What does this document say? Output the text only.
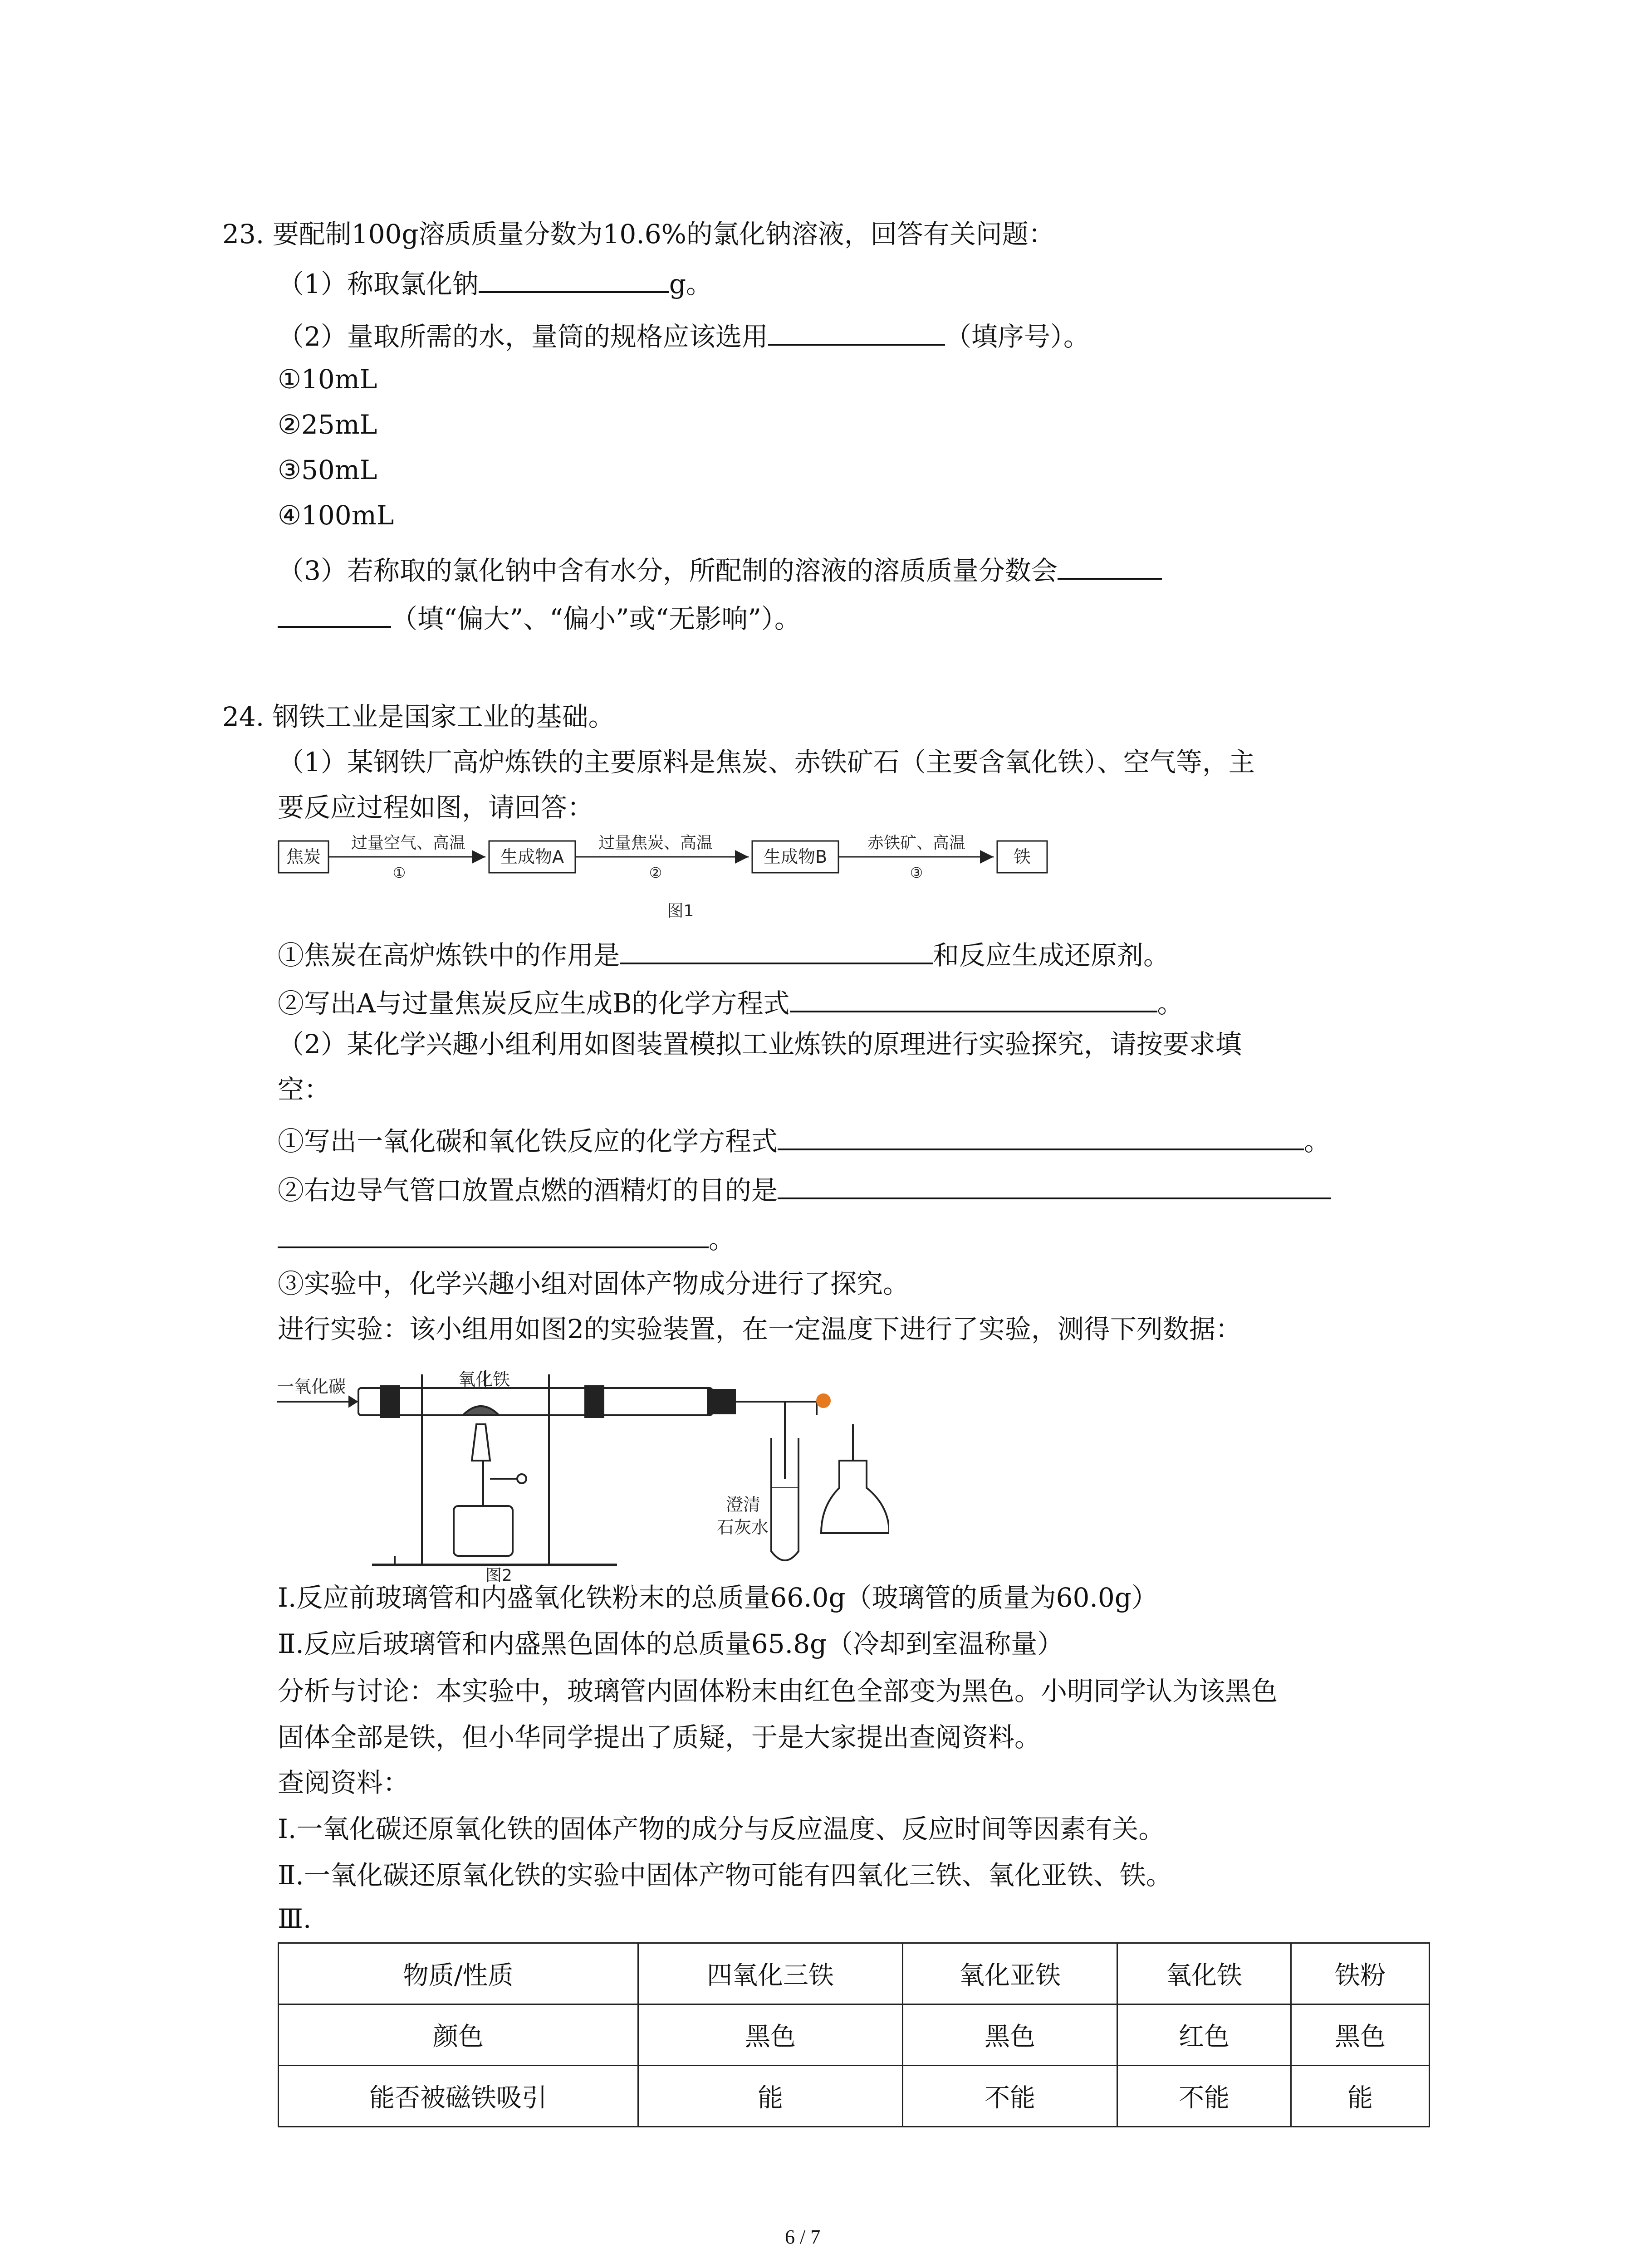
23. 要配制100g溶质质量分数为10.6%的氯化钠溶液，回答有关问题：
（1）称取氯化钠	g。
（2）量取所需的水，量筒的规格应该选用	（填序号）。
①10mL
②25mL
③50mL
④100mL
（3）若称取的氯化钠中含有水分，所配制的溶液的溶质质量分数会
（填“偏大”、“偏小”或“无影响”）。
24. 钢铁工业是国家工业的基础。
（1）某钢铁厂高炉炼铁的主要原料是焦炭、赤铁矿石（主要含氧化铁）、空气等，主
要反应过程如图，请回答：
焦炭
过量空气、高温
①
生成物A
过量焦炭、高温
②
生成物B
赤铁矿、高温
③
铁
图1
①焦炭在高炉炼铁中的作用是	和反应生成还原剂。
②写出A与过量焦炭反应生成B的化学方程式	。
（2）某化学兴趣小组利用如图装置模拟工业炼铁的原理进行实验探究，请按要求填
空：
①写出一氧化碳和氧化铁反应的化学方程式	。
②右边导气管口放置点燃的酒精灯的目的是
。
③实验中，化学兴趣小组对固体产物成分进行了探究。
进行实验：该小组用如图2的实验装置，在一定温度下进行了实验，测得下列数据：
一氧化碳	氧化铁
澄清
石灰水
图2
Ⅰ.反应前玻璃管和内盛氧化铁粉末的总质量66.0g（玻璃管的质量为60.0g）
Ⅱ.反应后玻璃管和内盛黑色固体的总质量65.8g（冷却到室温称量）
分析与讨论：本实验中，玻璃管内固体粉末由红色全部变为黑色。小明同学认为该黑色
固体全部是铁，但小华同学提出了质疑，于是大家提出查阅资料。
查阅资料：
Ⅰ.一氧化碳还原氧化铁的固体产物的成分与反应温度、反应时间等因素有关。
Ⅱ.一氧化碳还原氧化铁的实验中固体产物可能有四氧化三铁、氧化亚铁、铁。
Ⅲ.
物质/性质	四氧化三铁	氧化亚铁	氧化铁	铁粉
颜色	黑色	黑色	红色	黑色
能否被磁铁吸引	能	不能	不能	能
6 / 7
